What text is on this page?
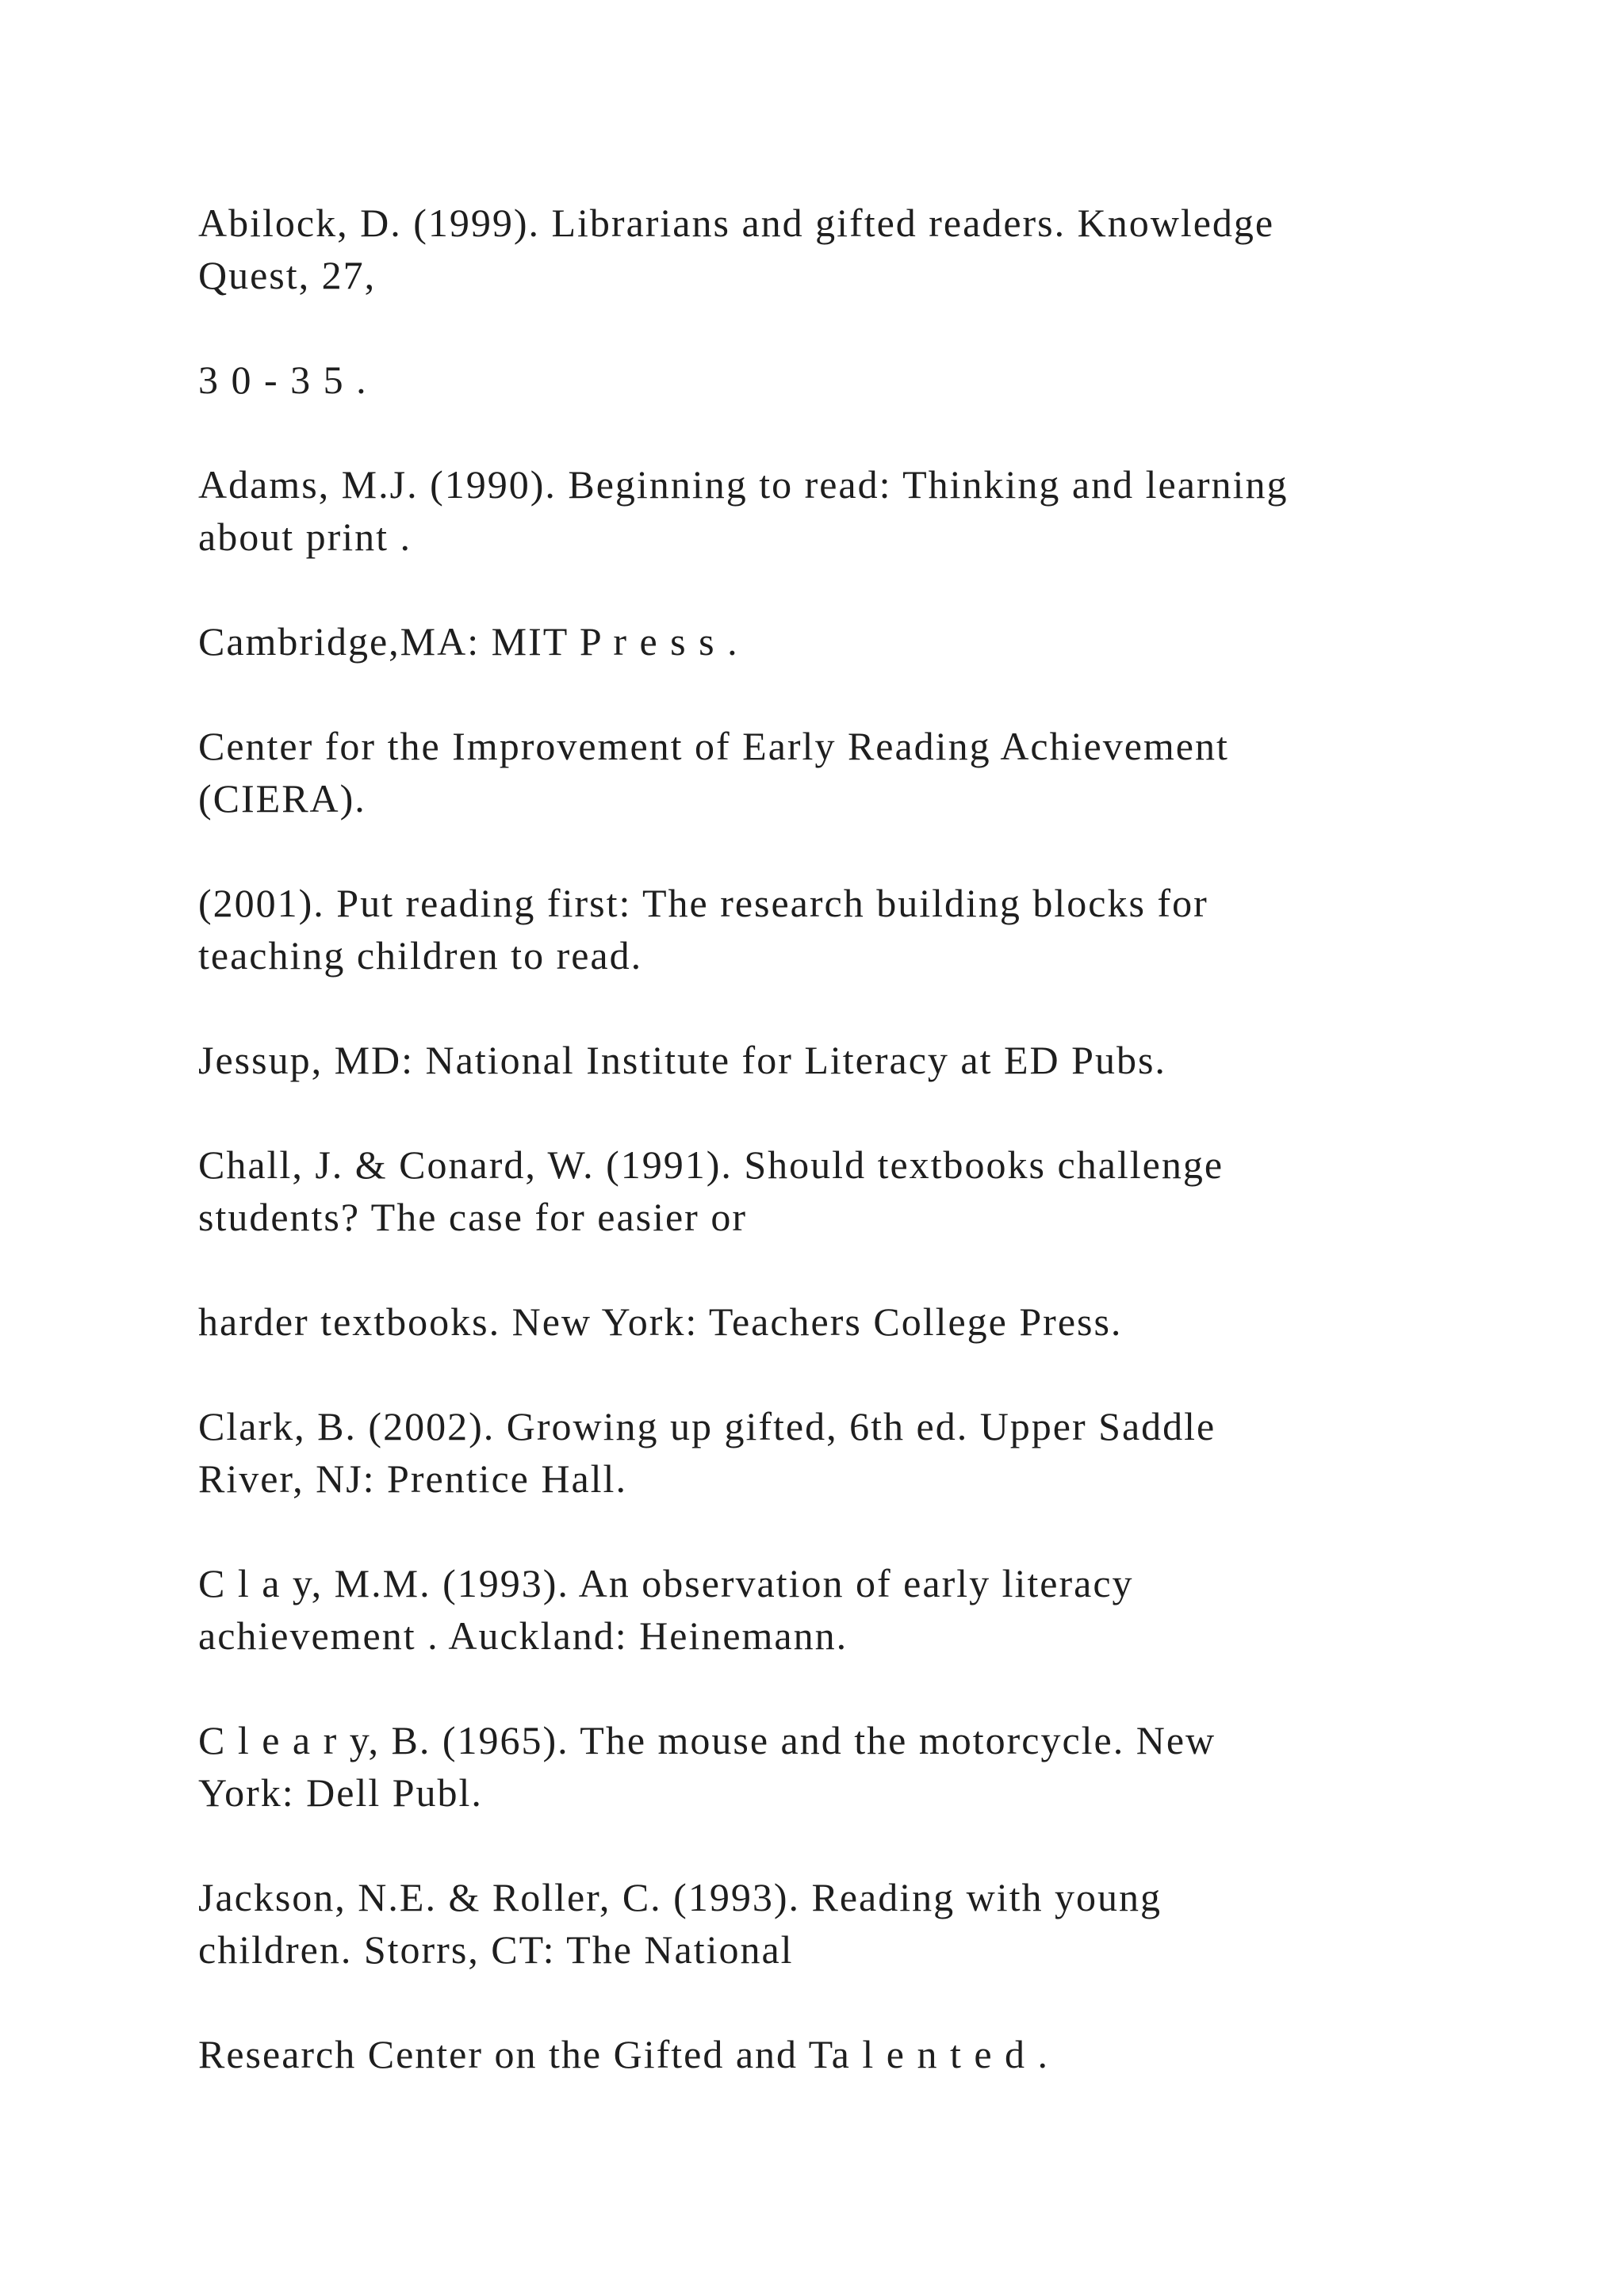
Abilock, D. (1999). Librarians and gifted readers. Knowledge
Quest, 27,

3 0 - 3 5 .

Adams, M.J. (1990). Beginning to read: Thinking and learning
about print .

Cambridge,MA: MIT P r e s s .

Center for the Improvement of Early Reading Achievement
(CIERA).

(2001). Put reading first: The research building blocks for
teaching children to read.

Jessup, MD: National Institute for Literacy at ED Pubs.

Chall, J. & Conard, W. (1991). Should textbooks challenge
students? The case for easier or

harder textbooks. New York: Teachers College Press.

Clark, B. (2002). Growing up gifted, 6th ed. Upper Saddle
River, NJ: Prentice Hall.

C l a y, M.M. (1993). An observation of early literacy
achievement . Auckland: Heinemann.

C l e a r y, B. (1965). The mouse and the motorcycle. New
York: Dell Publ.

Jackson, N.E. & Roller, C. (1993). Reading with young
children. Storrs, CT: The National

Research Center on the Gifted and Ta l e n t e d .
